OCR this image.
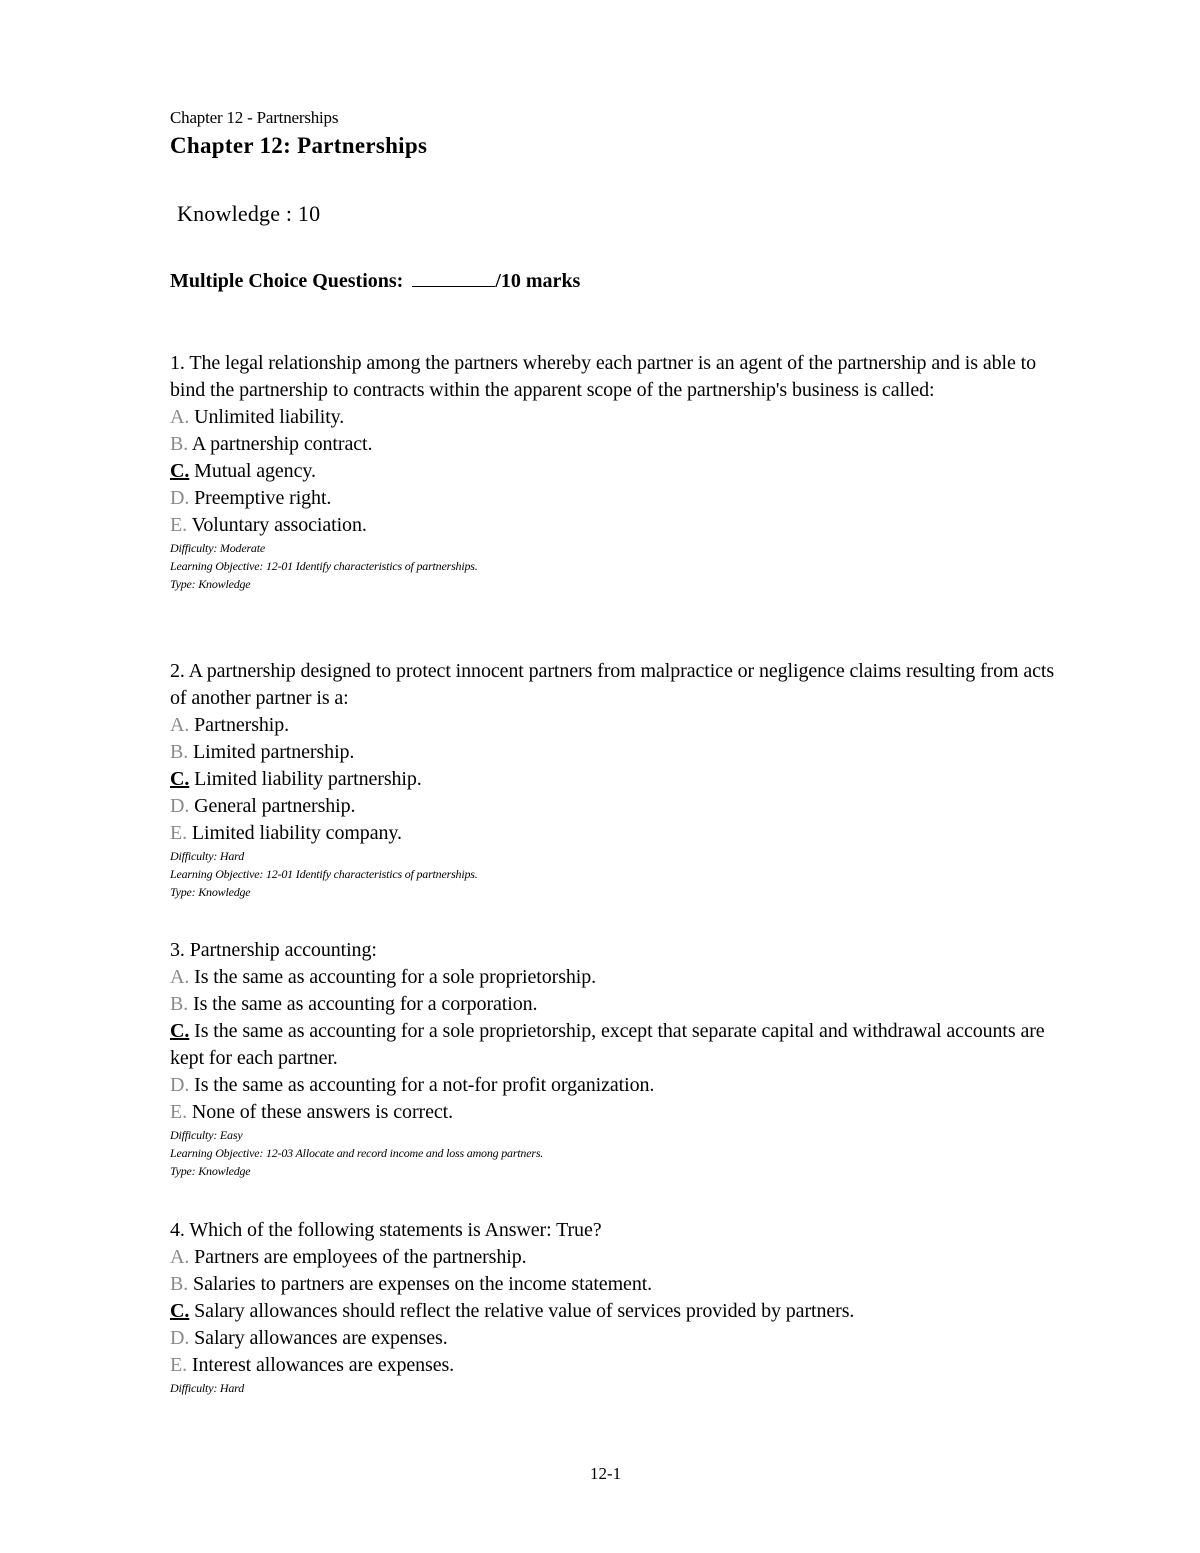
Chapter 12 - Partnerships
Chapter 12: Partnerships
Knowledge : 10
Multiple Choice Questions:	/10 marks
1. The legal relationship among the partners whereby each partner is an agent of the partnership and is able to bind the partnership to contracts within the apparent scope of the partnership's business is called:
A. Unlimited liability.
B. A partnership contract.
C. Mutual agency.
D. Preemptive right.
E. Voluntary association.
Difficulty: Moderate
Learning Objective: 12-01 Identify characteristics of partnerships.
Type: Knowledge
2. A partnership designed to protect innocent partners from malpractice or negligence claims resulting from acts of another partner is a:
A. Partnership.
B. Limited partnership.
C. Limited liability partnership.
D. General partnership.
E. Limited liability company.
Difficulty: Hard
Learning Objective: 12-01 Identify characteristics of partnerships.
Type: Knowledge
3. Partnership accounting:
A. Is the same as accounting for a sole proprietorship.
B. Is the same as accounting for a corporation.
C. Is the same as accounting for a sole proprietorship, except that separate capital and withdrawal accounts are kept for each partner.
D. Is the same as accounting for a not-for profit organization.
E. None of these answers is correct.
Difficulty: Easy
Learning Objective: 12-03 Allocate and record income and loss among partners.
Type: Knowledge
4. Which of the following statements is Answer: True?
A. Partners are employees of the partnership.
B. Salaries to partners are expenses on the income statement.
C. Salary allowances should reflect the relative value of services provided by partners.
D. Salary allowances are expenses.
E. Interest allowances are expenses.
Difficulty: Hard
12-1
